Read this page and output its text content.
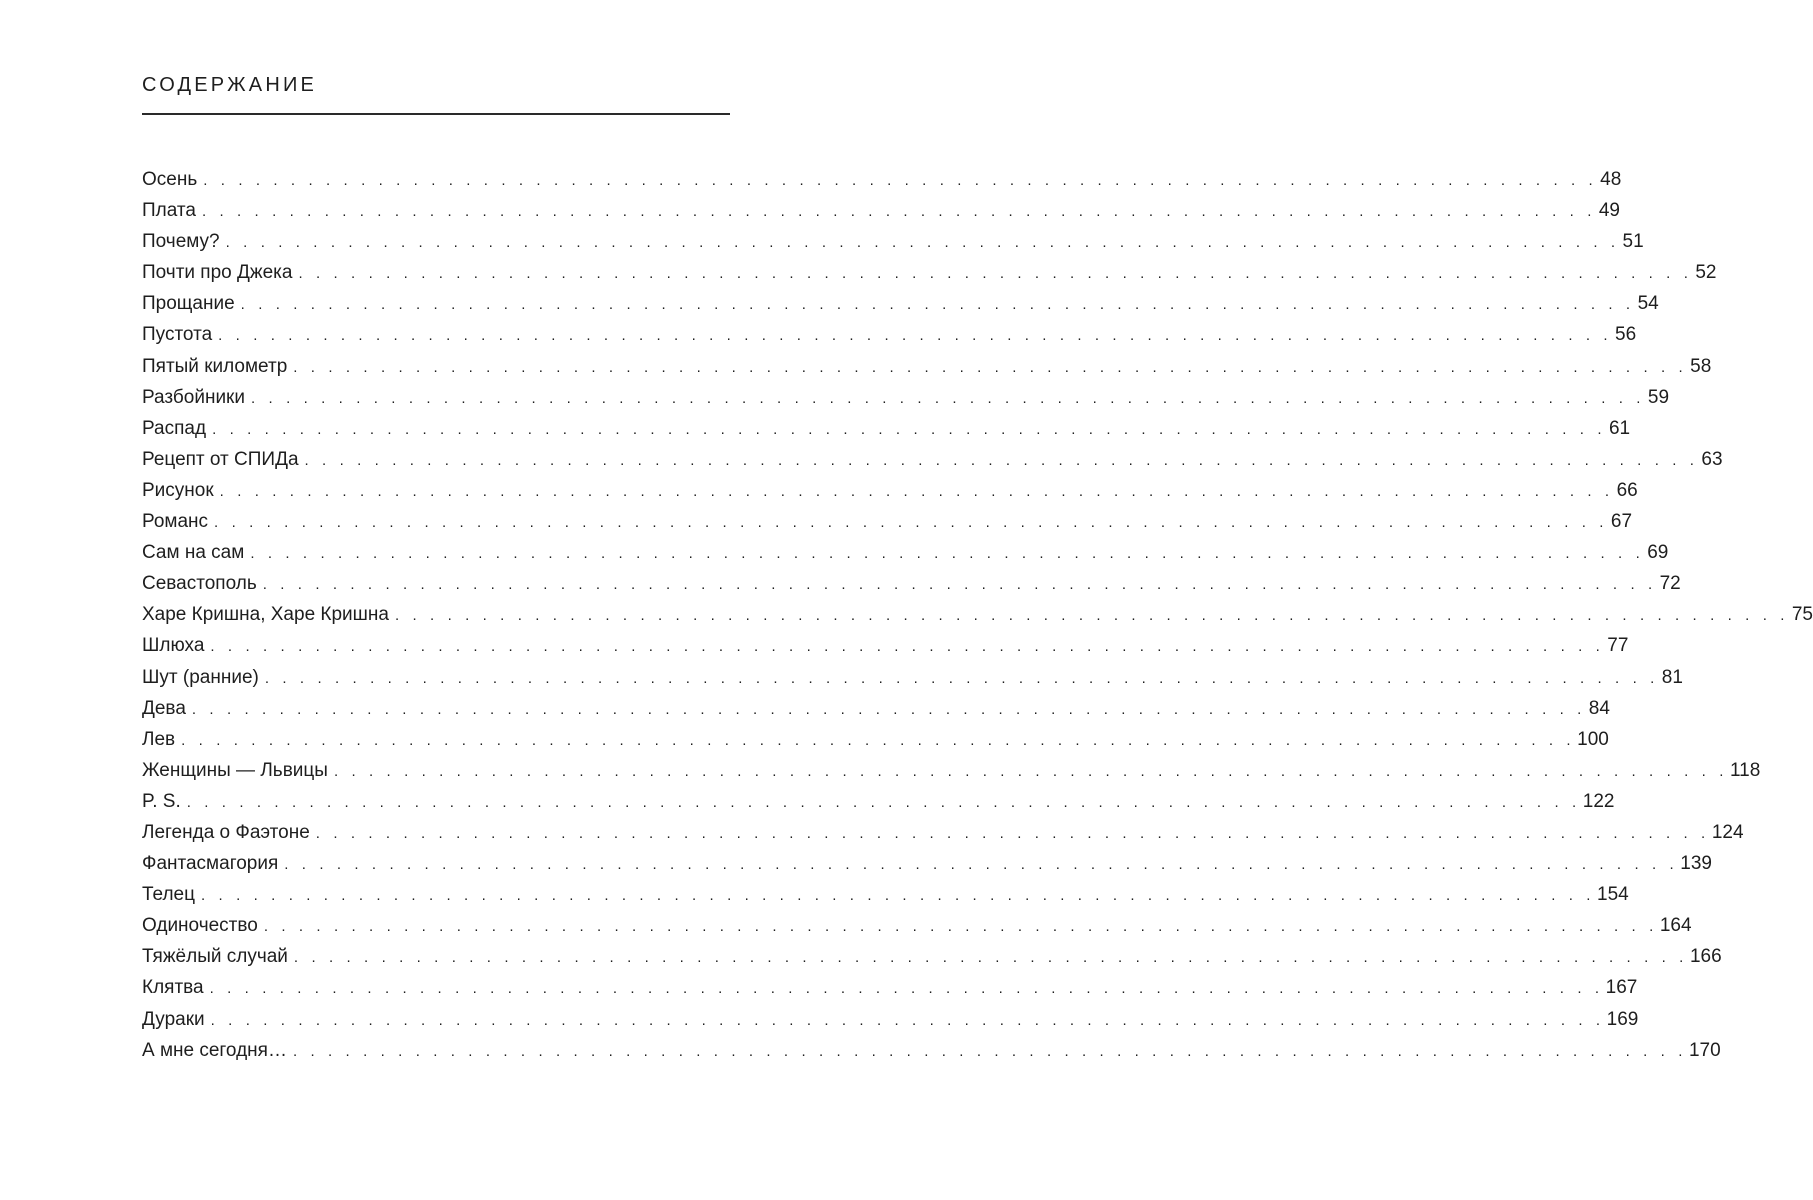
СОДЕРЖАНИЕ
Осень . . . . . . . . . . . . . . . . . . . . . . . . . . . . . . . . . . . . . . . . . . . . . . . . . . . . . . . . . . . . . . . . . . . . . . . . . . . . . . . . 48
Плата . . . . . . . . . . . . . . . . . . . . . . . . . . . . . . . . . . . . . . . . . . . . . . . . . . . . . . . . . . . . . . . . . . . . . . . . . . . . . . . . 49
Почему? . . . . . . . . . . . . . . . . . . . . . . . . . . . . . . . . . . . . . . . . . . . . . . . . . . . . . . . . . . . . . . . . . . . . . . . . . . . . . . . . 51
Почти про Джека . . . . . . . . . . . . . . . . . . . . . . . . . . . . . . . . . . . . . . . . . . . . . . . . . . . . . . . . . . . . . . . . . . . . . . . . . . . . . . . . 52
Прощание . . . . . . . . . . . . . . . . . . . . . . . . . . . . . . . . . . . . . . . . . . . . . . . . . . . . . . . . . . . . . . . . . . . . . . . . . . . . . . . . 54
Пустота . . . . . . . . . . . . . . . . . . . . . . . . . . . . . . . . . . . . . . . . . . . . . . . . . . . . . . . . . . . . . . . . . . . . . . . . . . . . . . . . 56
Пятый километр . . . . . . . . . . . . . . . . . . . . . . . . . . . . . . . . . . . . . . . . . . . . . . . . . . . . . . . . . . . . . . . . . . . . . . . . . . . . . . . . 58
Разбойники . . . . . . . . . . . . . . . . . . . . . . . . . . . . . . . . . . . . . . . . . . . . . . . . . . . . . . . . . . . . . . . . . . . . . . . . . . . . . . . . 59
Распад . . . . . . . . . . . . . . . . . . . . . . . . . . . . . . . . . . . . . . . . . . . . . . . . . . . . . . . . . . . . . . . . . . . . . . . . . . . . . . . . 61
Рецепт от СПИДа . . . . . . . . . . . . . . . . . . . . . . . . . . . . . . . . . . . . . . . . . . . . . . . . . . . . . . . . . . . . . . . . . . . . . . . . . . . . . . . . 63
Рисунок . . . . . . . . . . . . . . . . . . . . . . . . . . . . . . . . . . . . . . . . . . . . . . . . . . . . . . . . . . . . . . . . . . . . . . . . . . . . . . . . 66
Романс . . . . . . . . . . . . . . . . . . . . . . . . . . . . . . . . . . . . . . . . . . . . . . . . . . . . . . . . . . . . . . . . . . . . . . . . . . . . . . . . 67
Сам на сам . . . . . . . . . . . . . . . . . . . . . . . . . . . . . . . . . . . . . . . . . . . . . . . . . . . . . . . . . . . . . . . . . . . . . . . . . . . . . . . . 69
Севастополь . . . . . . . . . . . . . . . . . . . . . . . . . . . . . . . . . . . . . . . . . . . . . . . . . . . . . . . . . . . . . . . . . . . . . . . . . . . . . . . . 72
Харе Кришна, Харе Кришна . . . . . . . . . . . . . . . . . . . . . . . . . . . . . . . . . . . . . . . . . . . . . . . . . . . . . . . . . . . . . . . . . . . . . . . . . . . . . . . . 75
Шлюха . . . . . . . . . . . . . . . . . . . . . . . . . . . . . . . . . . . . . . . . . . . . . . . . . . . . . . . . . . . . . . . . . . . . . . . . . . . . . . . . 77
Шут (ранние) . . . . . . . . . . . . . . . . . . . . . . . . . . . . . . . . . . . . . . . . . . . . . . . . . . . . . . . . . . . . . . . . . . . . . . . . . . . . . . . . 81
Дева . . . . . . . . . . . . . . . . . . . . . . . . . . . . . . . . . . . . . . . . . . . . . . . . . . . . . . . . . . . . . . . . . . . . . . . . . . . . . . . . 84
Лев . . . . . . . . . . . . . . . . . . . . . . . . . . . . . . . . . . . . . . . . . . . . . . . . . . . . . . . . . . . . . . . . . . . . . . . . . . . . . . . . 100
Женщины — Львицы . . . . . . . . . . . . . . . . . . . . . . . . . . . . . . . . . . . . . . . . . . . . . . . . . . . . . . . . . . . . . . . . . . . . . . . . . . . . . . . . 118
P. S. . . . . . . . . . . . . . . . . . . . . . . . . . . . . . . . . . . . . . . . . . . . . . . . . . . . . . . . . . . . . . . . . . . . . . . . . . . . . . . . . 122
Легенда о Фаэтоне . . . . . . . . . . . . . . . . . . . . . . . . . . . . . . . . . . . . . . . . . . . . . . . . . . . . . . . . . . . . . . . . . . . . . . . . . . . . . . . . 124
Фантасмагория . . . . . . . . . . . . . . . . . . . . . . . . . . . . . . . . . . . . . . . . . . . . . . . . . . . . . . . . . . . . . . . . . . . . . . . . . . . . . . . . 139
Телец . . . . . . . . . . . . . . . . . . . . . . . . . . . . . . . . . . . . . . . . . . . . . . . . . . . . . . . . . . . . . . . . . . . . . . . . . . . . . . . . 154
Одиночество . . . . . . . . . . . . . . . . . . . . . . . . . . . . . . . . . . . . . . . . . . . . . . . . . . . . . . . . . . . . . . . . . . . . . . . . . . . . . . . . 164
Тяжёлый случай . . . . . . . . . . . . . . . . . . . . . . . . . . . . . . . . . . . . . . . . . . . . . . . . . . . . . . . . . . . . . . . . . . . . . . . . . . . . . . . . 166
Клятва . . . . . . . . . . . . . . . . . . . . . . . . . . . . . . . . . . . . . . . . . . . . . . . . . . . . . . . . . . . . . . . . . . . . . . . . . . . . . . . . 167
Дураки . . . . . . . . . . . . . . . . . . . . . . . . . . . . . . . . . . . . . . . . . . . . . . . . . . . . . . . . . . . . . . . . . . . . . . . . . . . . . . . . 169
А мне сегодня… . . . . . . . . . . . . . . . . . . . . . . . . . . . . . . . . . . . . . . . . . . . . . . . . . . . . . . . . . . . . . . . . . . . . . . . . . . . . . . . . 170
